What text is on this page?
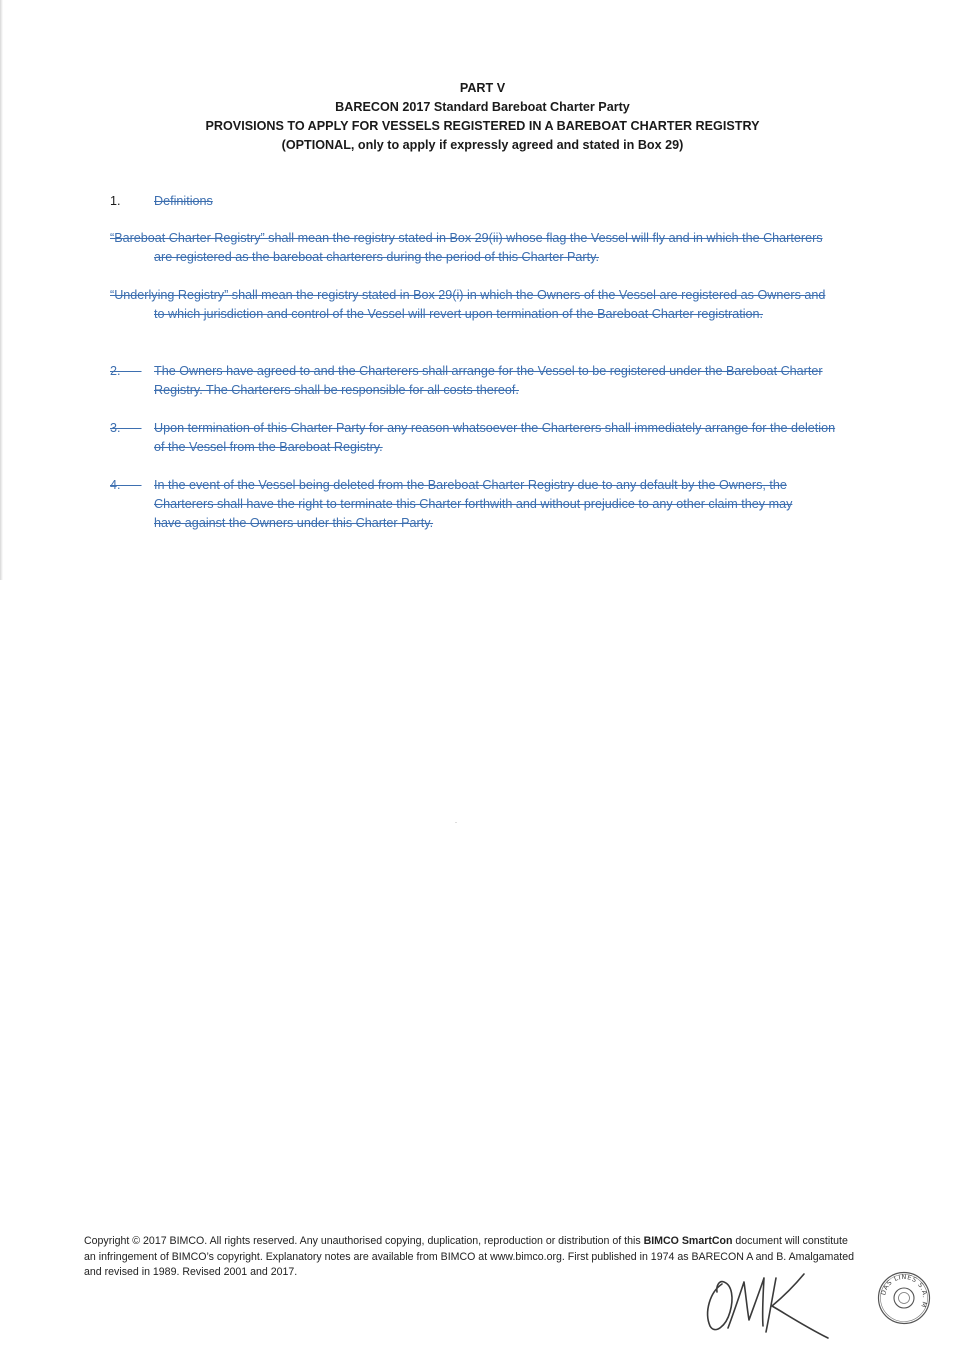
PART V
BARECON 2017 Standard Bareboat Charter Party
PROVISIONS TO APPLY FOR VESSELS REGISTERED IN A BAREBOAT CHARTER REGISTRY
(OPTIONAL, only to apply if expressly agreed and stated in Box 29)
1.	Definitions
“Bareboat Charter Registry” shall mean the registry stated in Box 29(ii) whose flag the Vessel will fly and in which the Charterers are registered as the bareboat charterers during the period of this Charter Party.
“Underlying Registry” shall mean the registry stated in Box 29(i) in which the Owners of the Vessel are registered as Owners and to which jurisdiction and control of the Vessel will revert upon termination of the Bareboat Charter registration.
2.	The Owners have agreed to and the Charterers shall arrange for the Vessel to be registered under the Bareboat Charter Registry. The Charterers shall be responsible for all costs thereof.
3.	Upon termination of this Charter Party for any reason whatsoever the Charterers shall immediately arrange for the deletion of the Vessel from the Bareboat Registry.
4.	In the event of the Vessel being deleted from the Bareboat Charter Registry due to any default by the Owners, the Charterers shall have the right to terminate this Charter forthwith and without prejudice to any other claim they may have against the Owners under this Charter Party.
Copyright © 2017 BIMCO. All rights reserved. Any unauthorised copying, duplication, reproduction or distribution of this BIMCO SmartCon document will constitute an infringement of BIMCO’s copyright. Explanatory notes are available from BIMCO at www.bimco.org. First published in 1974 as BARECON A and B. Amalgamated and revised in 1989. Revised 2001 and 2017.
DAS LINES S.A. M
